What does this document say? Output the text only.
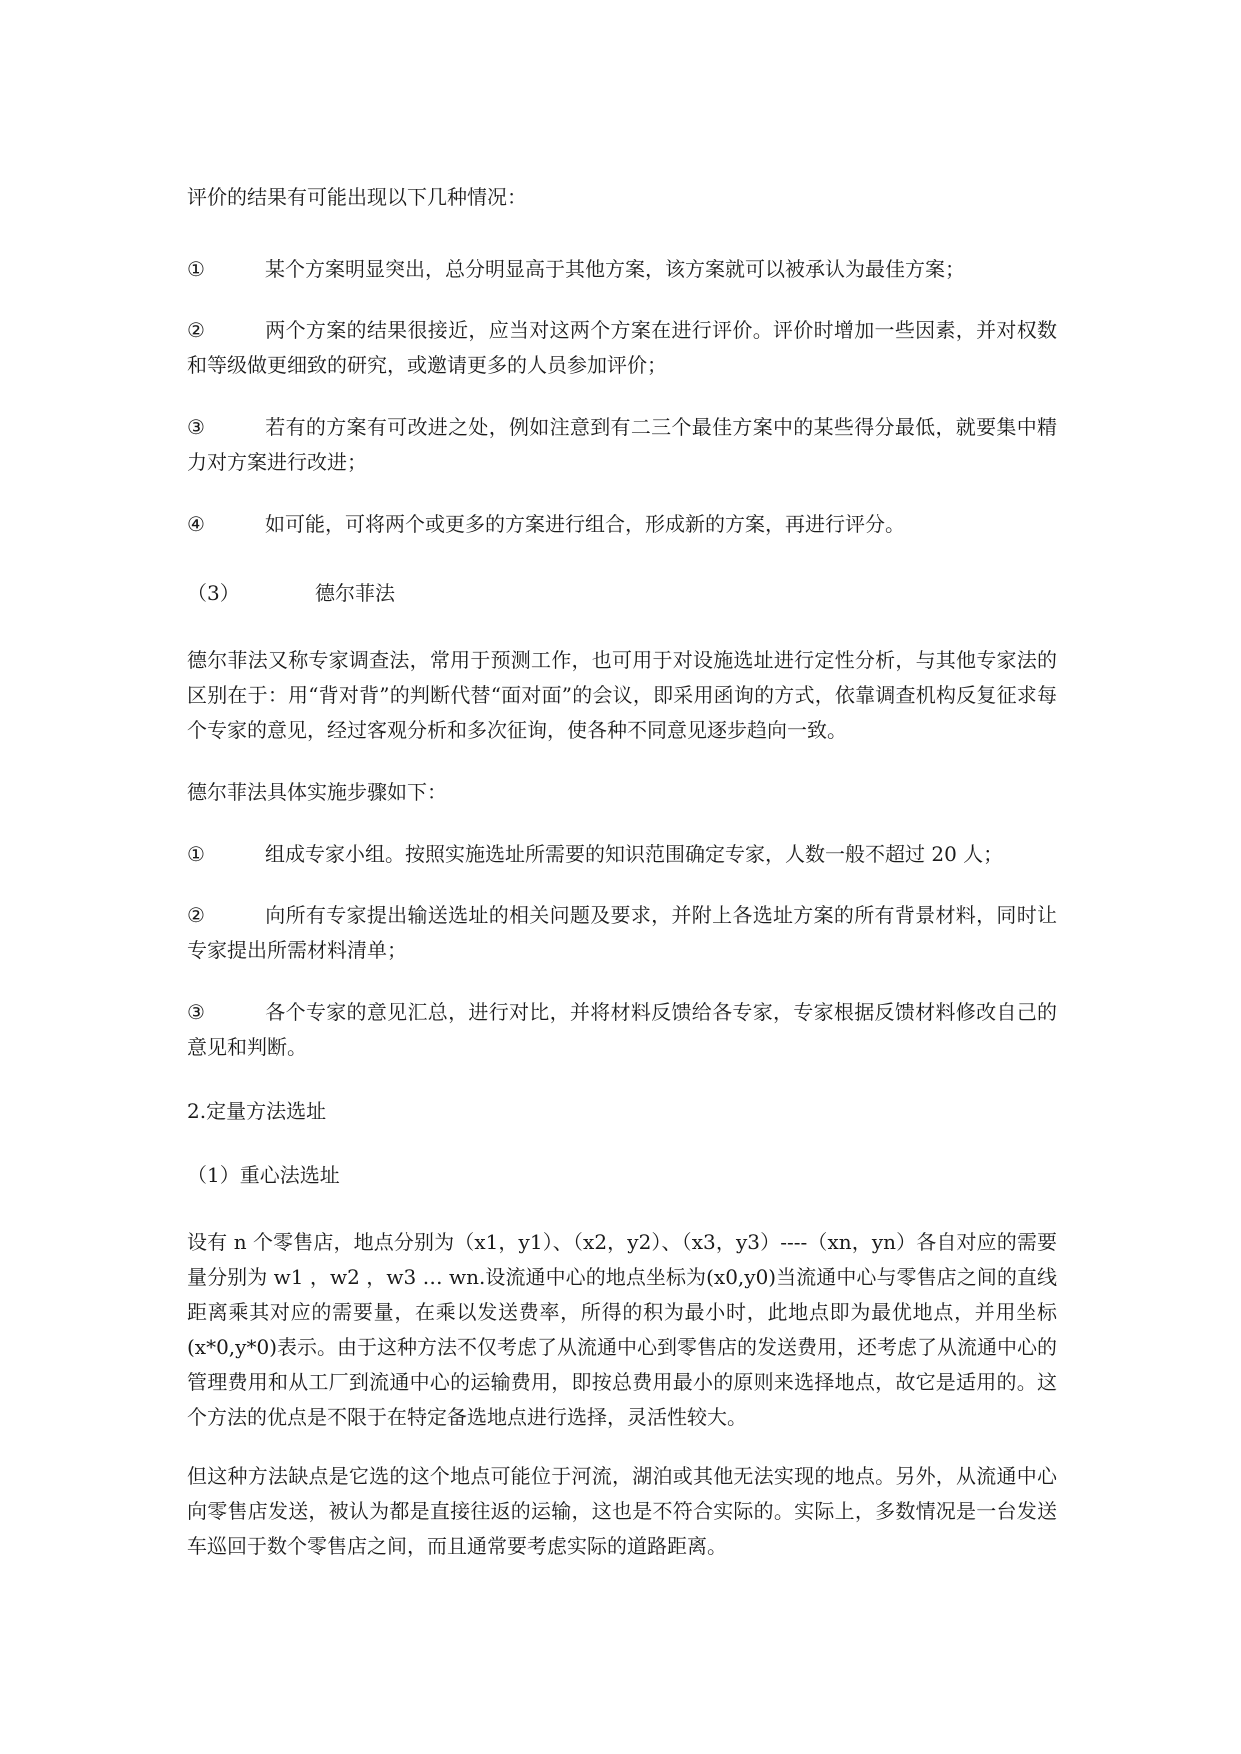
评价的结果有可能出现以下几种情况：

①	某个方案明显突出，总分明显高于其他方案，该方案就可以被承认为最佳方案；

②	两个方案的结果很接近，应当对这两个方案在进行评价。评价时增加一些因素，并对权数和等级做更细致的研究，或邀请更多的人员参加评价；

③	若有的方案有可改进之处，例如注意到有二三个最佳方案中的某些得分最低，就要集中精力对方案进行改进；

④	如可能，可将两个或更多的方案进行组合，形成新的方案，再进行评分。

（3）	德尔菲法

德尔菲法又称专家调查法，常用于预测工作，也可用于对设施选址进行定性分析，与其他专家法的区别在于：用“背对背”的判断代替“面对面”的会议，即采用函询的方式，依靠调查机构反复征求每个专家的意见，经过客观分析和多次征询，使各种不同意见逐步趋向一致。

德尔菲法具体实施步骤如下：

①	组成专家小组。按照实施选址所需要的知识范围确定专家，人数一般不超过 20 人；

②	向所有专家提出输送选址的相关问题及要求，并附上各选址方案的所有背景材料，同时让专家提出所需材料清单；

③	各个专家的意见汇总，进行对比，并将材料反馈给各专家，专家根据反馈材料修改自己的意见和判断。

2.定量方法选址

（1）重心法选址

设有 n 个零售店，地点分别为（x1，y1）、（x2，y2）、（x3，y3）----（xn，yn）各自对应的需要量分别为 w1 ，w2 ，w3 … wn.设流通中心的地点坐标为(x0,y0)当流通中心与零售店之间的直线距离乘其对应的需要量，在乘以发送费率，所得的积为最小时，此地点即为最优地点，并用坐标(x*0,y*0)表示。由于这种方法不仅考虑了从流通中心到零售店的发送费用，还考虑了从流通中心的管理费用和从工厂到流通中心的运输费用，即按总费用最小的原则来选择地点，故它是适用的。这个方法的优点是不限于在特定备选地点进行选择，灵活性较大。

但这种方法缺点是它选的这个地点可能位于河流，湖泊或其他无法实现的地点。另外，从流通中心向零售店发送，被认为都是直接往返的运输，这也是不符合实际的。实际上，多数情况是一台发送车巡回于数个零售店之间，而且通常要考虑实际的道路距离。
